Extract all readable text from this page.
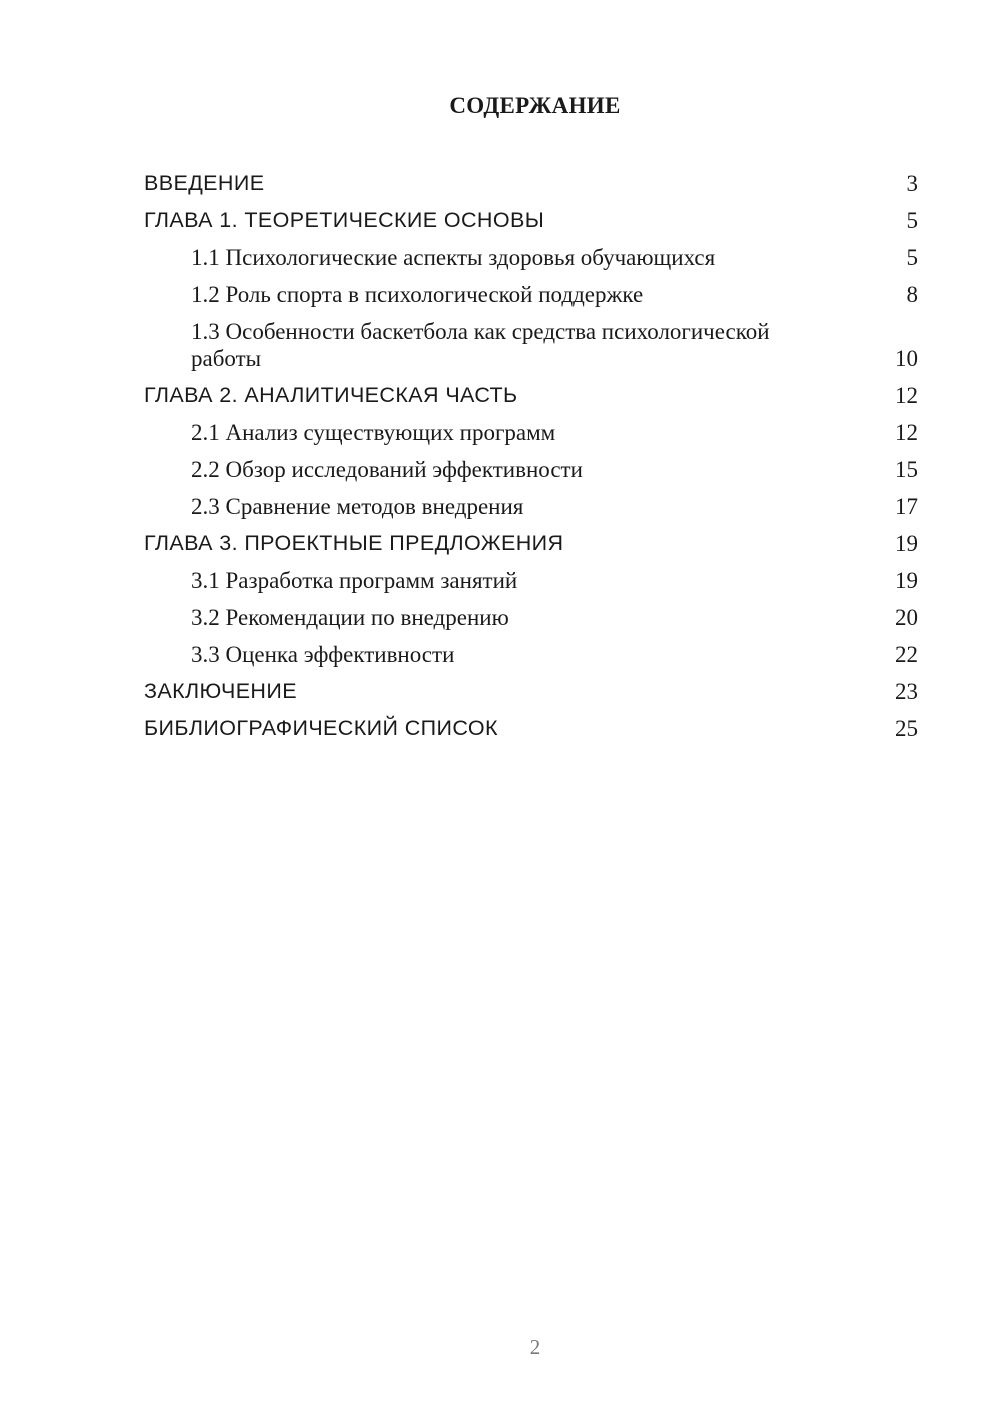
СОДЕРЖАНИЕ
ВВЕДЕНИЕ	3
ГЛАВА 1. ТЕОРЕТИЧЕСКИЕ ОСНОВЫ	5
1.1 Психологические аспекты здоровья обучающихся	5
1.2 Роль спорта в психологической поддержке	8
1.3 Особенности баскетбола как средства психологической работы	10
ГЛАВА 2. АНАЛИТИЧЕСКАЯ ЧАСТЬ	12
2.1 Анализ существующих программ	12
2.2 Обзор исследований эффективности	15
2.3 Сравнение методов внедрения	17
ГЛАВА 3. ПРОЕКТНЫЕ ПРЕДЛОЖЕНИЯ	19
3.1 Разработка программ занятий	19
3.2 Рекомендации по внедрению	20
3.3 Оценка эффективности	22
ЗАКЛЮЧЕНИЕ	23
БИБЛИОГРАФИЧЕСКИЙ СПИСОК	25
2
